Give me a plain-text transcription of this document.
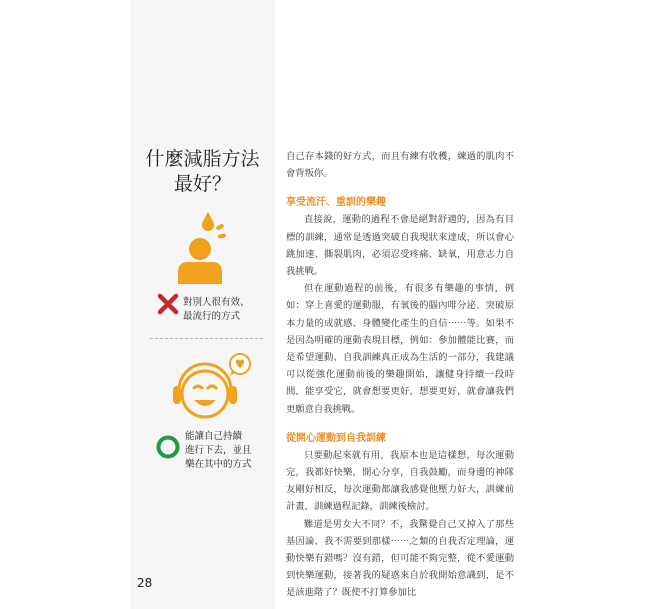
什麼減脂方法
最好？
對別人很有效、
最流行的方式
能讓自己持續
進行下去，並且
樂在其中的方式
28

自己存本錢的好方式，而且有練有收穫，練過的肌肉不會背叛你。

享受流汗、重訓的樂趣

直接說，運動的過程不會是絕對舒適的，因為有目標的訓練，通常是透過突破自我現狀來達成，所以會心跳加速、撕裂肌肉，必須忍受疼痛、缺氧，用意志力自我挑戰。

但在運動過程的前後，有很多有樂趣的事情，例如：穿上喜愛的運動服，有氧後的腦內啡分泌、突破原本力量的成就感、身體變化產生的自信⋯⋯等。如果不是因為明確的運動表現目標，例如：參加體能比賽，而是希望運動、自我訓練真正成為生活的一部分，我建議可以從強化運動前後的樂趣開始，讓健身持續一段時間，能享受它，就會想要更好，想要更好，就會讓我們更願意自我挑戰。

從開心運動到自我訓練

只要動起來就有用，我原本也是這樣想，每次運動完，我都好快樂，開心分享，自我鼓勵，而身邊的神隊友剛好相反，每次運動都讓我感覺他壓力好大，訓練前計畫，訓練過程記錄，訓練後檢討。

難道是男女大不同？不，我驚覺自己又掉入了那些基因論、我不需要到那樣⋯⋯之類的自我否定理論，運動快樂有錯嗎？沒有錯，但可能不夠完整，從不愛運動到快樂運動，接著我的疑惑來自於我開始意識到，是不是該進階了？既使不打算參加比
